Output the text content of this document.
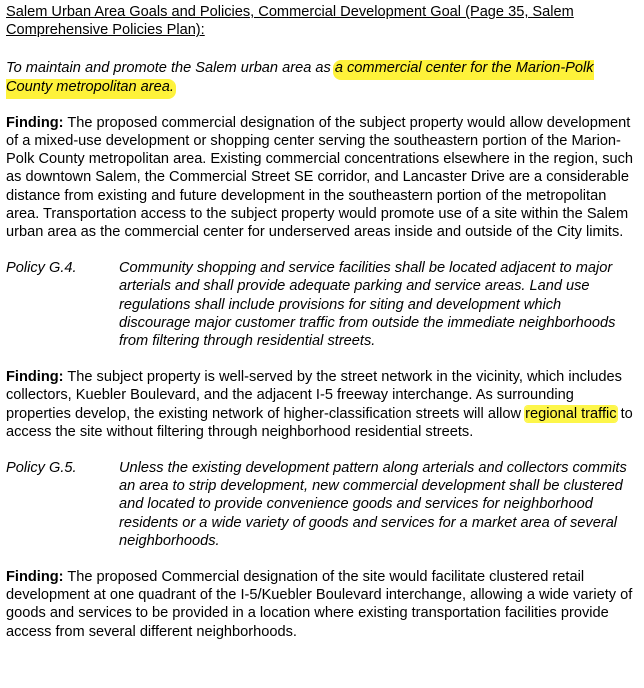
Salem Urban Area Goals and Policies, Commercial Development Goal (Page 35, Salem
Comprehensive Policies Plan):
To maintain and promote the Salem urban area as a commercial center for the Marion-Polk County metropolitan area.
Finding: The proposed commercial designation of the subject property would allow development of a mixed-use development or shopping center serving the southeastern portion of the Marion-Polk County metropolitan area. Existing commercial concentrations elsewhere in the region, such as downtown Salem, the Commercial Street SE corridor, and Lancaster Drive are a considerable distance from existing and future development in the southeastern portion of the metropolitan area. Transportation access to the subject property would promote use of a site within the Salem urban area as the commercial center for underserved areas inside and outside of the City limits.
Policy G.4.	Community shopping and service facilities shall be located adjacent to major arterials and shall provide adequate parking and service areas. Land use regulations shall include provisions for siting and development which discourage major customer traffic from outside the immediate neighborhoods from filtering through residential streets.
Finding: The subject property is well-served by the street network in the vicinity, which includes collectors, Kuebler Boulevard, and the adjacent I-5 freeway interchange. As surrounding properties develop, the existing network of higher-classification streets will allow regional traffic to access the site without filtering through neighborhood residential streets.
Policy G.5.	Unless the existing development pattern along arterials and collectors commits an area to strip development, new commercial development shall be clustered and located to provide convenience goods and services for neighborhood residents or a wide variety of goods and services for a market area of several neighborhoods.
Finding: The proposed Commercial designation of the site would facilitate clustered retail development at one quadrant of the I-5/Kuebler Boulevard interchange, allowing a wide variety of goods and services to be provided in a location where existing transportation facilities provide access from several different neighborhoods.
